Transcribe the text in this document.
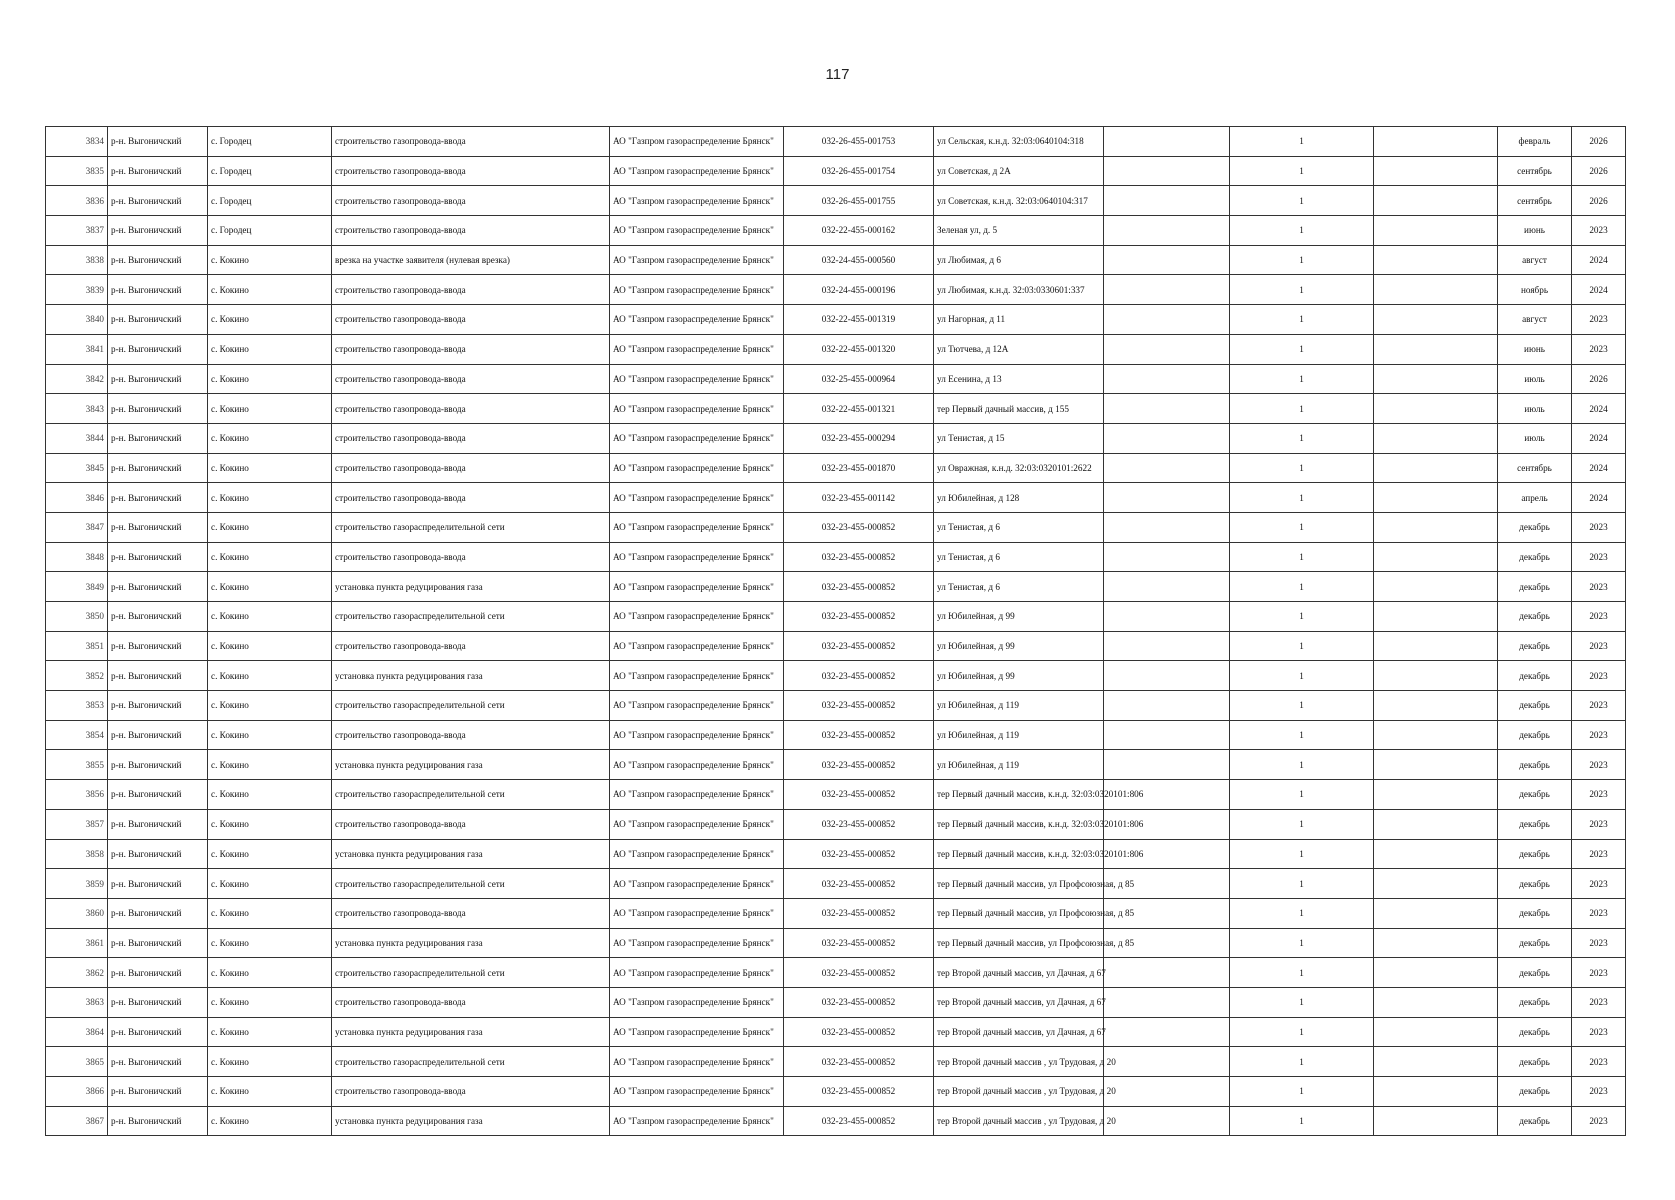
117
3834	р-н. Выгоничский	с. Городец	строительство газопровода-ввода	АО "Газпром газораспределение Брянск"	032-26-455-001753	ул Сельская, к.н.д. 32:03:0640104:318		1		февраль	2026
3835	р-н. Выгоничский	с. Городец	строительство газопровода-ввода	АО "Газпром газораспределение Брянск"	032-26-455-001754	ул Советская, д 2А		1		сентябрь	2026
3836	р-н. Выгоничский	с. Городец	строительство газопровода-ввода	АО "Газпром газораспределение Брянск"	032-26-455-001755	ул Советская, к.н.д. 32:03:0640104:317		1		сентябрь	2026
3837	р-н. Выгоничский	с. Городец	строительство газопровода-ввода	АО "Газпром газораспределение Брянск"	032-22-455-000162	Зеленая ул, д. 5		1		июнь	2023
3838	р-н. Выгоничский	с. Кокино	врезка на участке заявителя (нулевая врезка)	АО "Газпром газораспределение Брянск"	032-24-455-000560	ул Любимая, д 6		1		август	2024
3839	р-н. Выгоничский	с. Кокино	строительство газопровода-ввода	АО "Газпром газораспределение Брянск"	032-24-455-000196	ул Любимая, к.н.д. 32:03:0330601:337		1		ноябрь	2024
3840	р-н. Выгоничский	с. Кокино	строительство газопровода-ввода	АО "Газпром газораспределение Брянск"	032-22-455-001319	ул Нагорная, д 11		1		август	2023
3841	р-н. Выгоничский	с. Кокино	строительство газопровода-ввода	АО "Газпром газораспределение Брянск"	032-22-455-001320	ул Тютчева, д 12А		1		июнь	2023
3842	р-н. Выгоничский	с. Кокино	строительство газопровода-ввода	АО "Газпром газораспределение Брянск"	032-25-455-000964	ул Есенина, д 13		1		июль	2026
3843	р-н. Выгоничский	с. Кокино	строительство газопровода-ввода	АО "Газпром газораспределение Брянск"	032-22-455-001321	тер Первый дачный массив, д 155		1		июль	2024
3844	р-н. Выгоничский	с. Кокино	строительство газопровода-ввода	АО "Газпром газораспределение Брянск"	032-23-455-000294	ул Тенистая, д 15		1		июль	2024
3845	р-н. Выгоничский	с. Кокино	строительство газопровода-ввода	АО "Газпром газораспределение Брянск"	032-23-455-001870	ул Овражная, к.н.д. 32:03:0320101:2622		1		сентябрь	2024
3846	р-н. Выгоничский	с. Кокино	строительство газопровода-ввода	АО "Газпром газораспределение Брянск"	032-23-455-001142	ул Юбилейная, д 128		1		апрель	2024
3847	р-н. Выгоничский	с. Кокино	строительство газораспределительной сети	АО "Газпром газораспределение Брянск"	032-23-455-000852	ул Тенистая, д 6		1		декабрь	2023
3848	р-н. Выгоничский	с. Кокино	строительство газопровода-ввода	АО "Газпром газораспределение Брянск"	032-23-455-000852	ул Тенистая, д 6		1		декабрь	2023
3849	р-н. Выгоничский	с. Кокино	установка пункта редуцирования газа	АО "Газпром газораспределение Брянск"	032-23-455-000852	ул Тенистая, д 6		1		декабрь	2023
3850	р-н. Выгоничский	с. Кокино	строительство газораспределительной сети	АО "Газпром газораспределение Брянск"	032-23-455-000852	ул Юбилейная, д 99		1		декабрь	2023
3851	р-н. Выгоничский	с. Кокино	строительство газопровода-ввода	АО "Газпром газораспределение Брянск"	032-23-455-000852	ул Юбилейная, д 99		1		декабрь	2023
3852	р-н. Выгоничский	с. Кокино	установка пункта редуцирования газа	АО "Газпром газораспределение Брянск"	032-23-455-000852	ул Юбилейная, д 99		1		декабрь	2023
3853	р-н. Выгоничский	с. Кокино	строительство газораспределительной сети	АО "Газпром газораспределение Брянск"	032-23-455-000852	ул Юбилейная, д 119		1		декабрь	2023
3854	р-н. Выгоничский	с. Кокино	строительство газопровода-ввода	АО "Газпром газораспределение Брянск"	032-23-455-000852	ул Юбилейная, д 119		1		декабрь	2023
3855	р-н. Выгоничский	с. Кокино	установка пункта редуцирования газа	АО "Газпром газораспределение Брянск"	032-23-455-000852	ул Юбилейная, д 119		1		декабрь	2023
3856	р-н. Выгоничский	с. Кокино	строительство газораспределительной сети	АО "Газпром газораспределение Брянск"	032-23-455-000852	тер Первый дачный массив, к.н.д. 32:03:0320101:806		1		декабрь	2023
3857	р-н. Выгоничский	с. Кокино	строительство газопровода-ввода	АО "Газпром газораспределение Брянск"	032-23-455-000852	тер Первый дачный массив, к.н.д. 32:03:0320101:806		1		декабрь	2023
3858	р-н. Выгоничский	с. Кокино	установка пункта редуцирования газа	АО "Газпром газораспределение Брянск"	032-23-455-000852	тер Первый дачный массив, к.н.д. 32:03:0320101:806		1		декабрь	2023
3859	р-н. Выгоничский	с. Кокино	строительство газораспределительной сети	АО "Газпром газораспределение Брянск"	032-23-455-000852	тер Первый дачный массив, ул Профсоюзная, д 85		1		декабрь	2023
3860	р-н. Выгоничский	с. Кокино	строительство газопровода-ввода	АО "Газпром газораспределение Брянск"	032-23-455-000852	тер Первый дачный массив, ул Профсоюзная, д 85		1		декабрь	2023
3861	р-н. Выгоничский	с. Кокино	установка пункта редуцирования газа	АО "Газпром газораспределение Брянск"	032-23-455-000852	тер Первый дачный массив, ул Профсоюзная, д 85		1		декабрь	2023
3862	р-н. Выгоничский	с. Кокино	строительство газораспределительной сети	АО "Газпром газораспределение Брянск"	032-23-455-000852	тер Второй дачный массив, ул Дачная, д 67		1		декабрь	2023
3863	р-н. Выгоничский	с. Кокино	строительство газопровода-ввода	АО "Газпром газораспределение Брянск"	032-23-455-000852	тер Второй дачный массив, ул Дачная, д 67		1		декабрь	2023
3864	р-н. Выгоничский	с. Кокино	установка пункта редуцирования газа	АО "Газпром газораспределение Брянск"	032-23-455-000852	тер Второй дачный массив, ул Дачная, д 67		1		декабрь	2023
3865	р-н. Выгоничский	с. Кокино	строительство газораспределительной сети	АО "Газпром газораспределение Брянск"	032-23-455-000852	тер Второй дачный массив , ул Трудовая, д 20		1		декабрь	2023
3866	р-н. Выгоничский	с. Кокино	строительство газопровода-ввода	АО "Газпром газораспределение Брянск"	032-23-455-000852	тер Второй дачный массив , ул Трудовая, д 20		1		декабрь	2023
3867	р-н. Выгоничский	с. Кокино	установка пункта редуцирования газа	АО "Газпром газораспределение Брянск"	032-23-455-000852	тер Второй дачный массив , ул Трудовая, д 20		1		декабрь	2023
